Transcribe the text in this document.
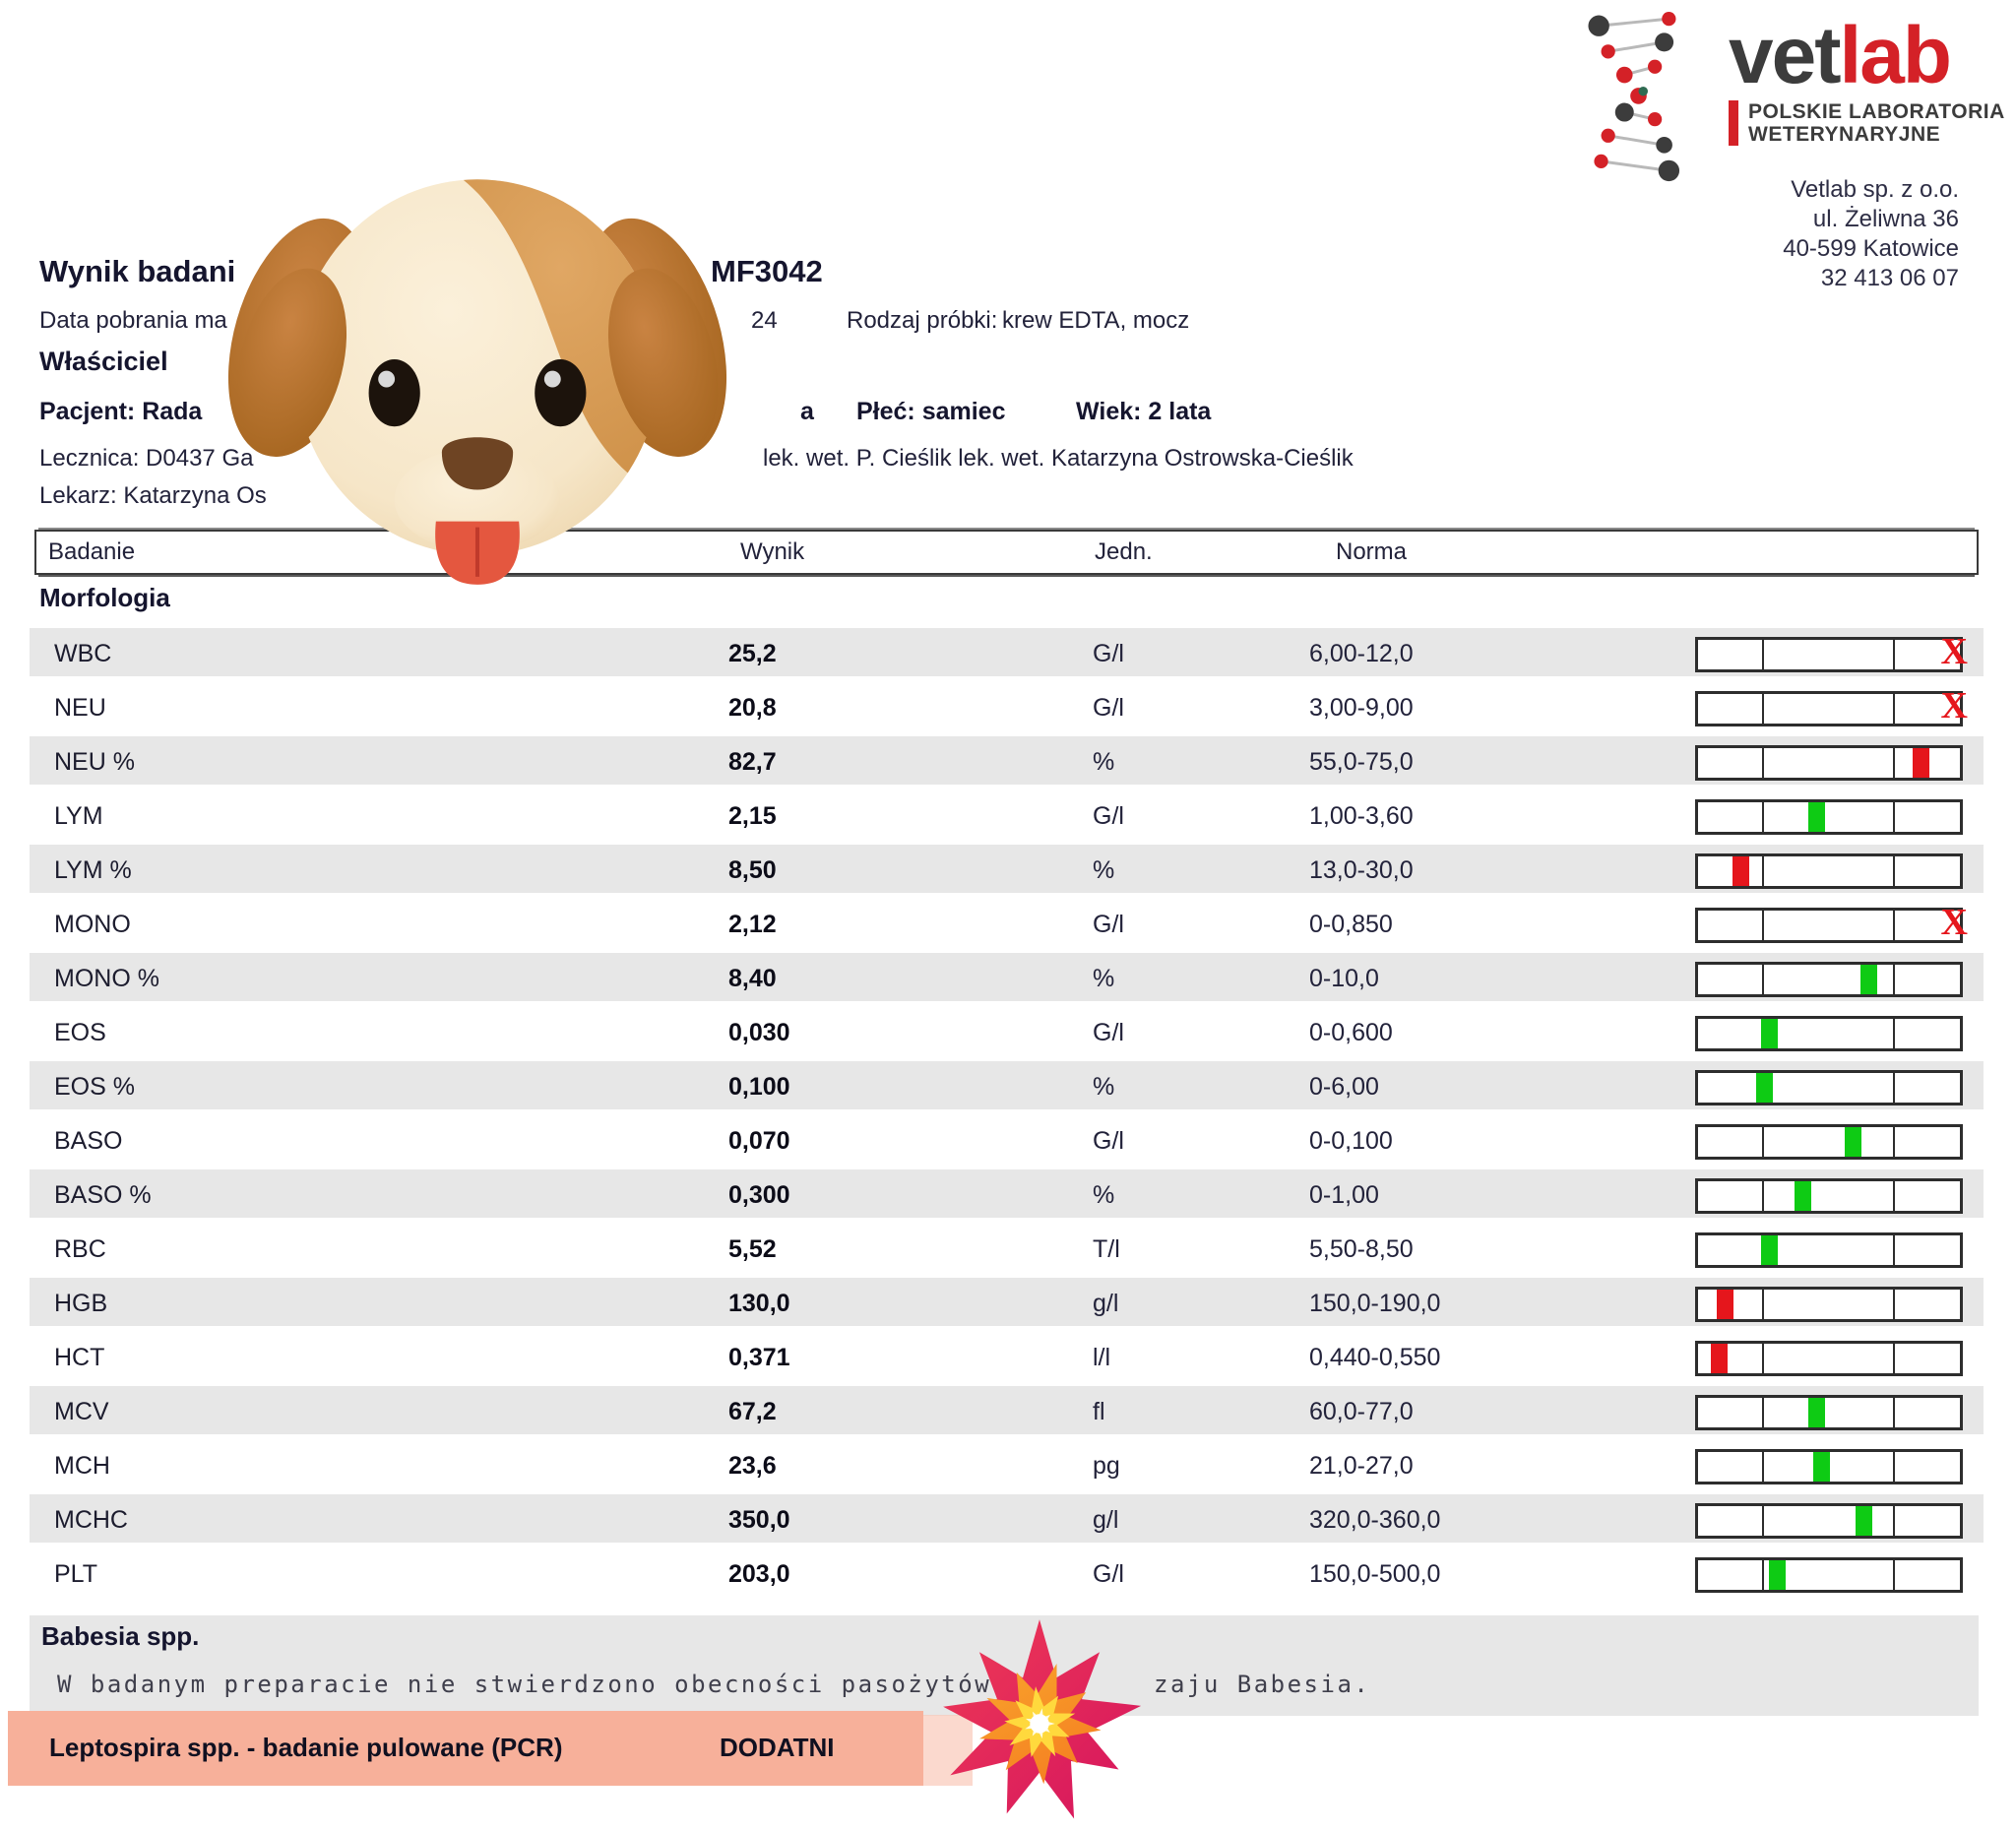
vetlab
POLSKIE LABORATORIA
WETERYNARYJNE
Vetlab sp. z o.o.
ul. Żeliwna 36
40-599 Katowice
32 413 06 07
Wynik badani	MF3042
Data pobrania ma	24	Rodzaj próbki: krew EDTA, mocz
Właściciel
Pacjent: Rada	a Płeć: samiec	Wiek: 2 lata
Lecznica: D0437 Ga	lek. wet. P. Cieślik lek. wet. Katarzyna Ostrowska-Cieślik
Lekarz: Katarzyna Os
Badanie	Wynik	Jedn.	Norma
Morfologia
WBC	25,2	G/l	6,00-12,0	X
NEU	20,8	G/l	3,00-9,00	X
NEU %	82,7	%	55,0-75,0
LYM	2,15	G/l	1,00-3,60
LYM %	8,50	%	13,0-30,0
MONO	2,12	G/l	0-0,850	X
MONO %	8,40	%	0-10,0
EOS	0,030	G/l	0-0,600
EOS %	0,100	%	0-6,00
BASO	0,070	G/l	0-0,100
BASO %	0,300	%	0-1,00
RBC	5,52	T/l	5,50-8,50
HGB	130,0	g/l	150,0-190,0
HCT	0,371	l/l	0,440-0,550
MCV	67,2	fl	60,0-77,0
MCH	23,6	pg	21,0-27,0
MCHC	350,0	g/l	320,0-360,0
PLT	203,0	G/l	150,0-500,0
Babesia spp.
W badanym preparacie nie stwierdzono obecności pasożytów	zaju Babesia.
Leptospira spp. - badanie pulowane (PCR)	DODATNI
